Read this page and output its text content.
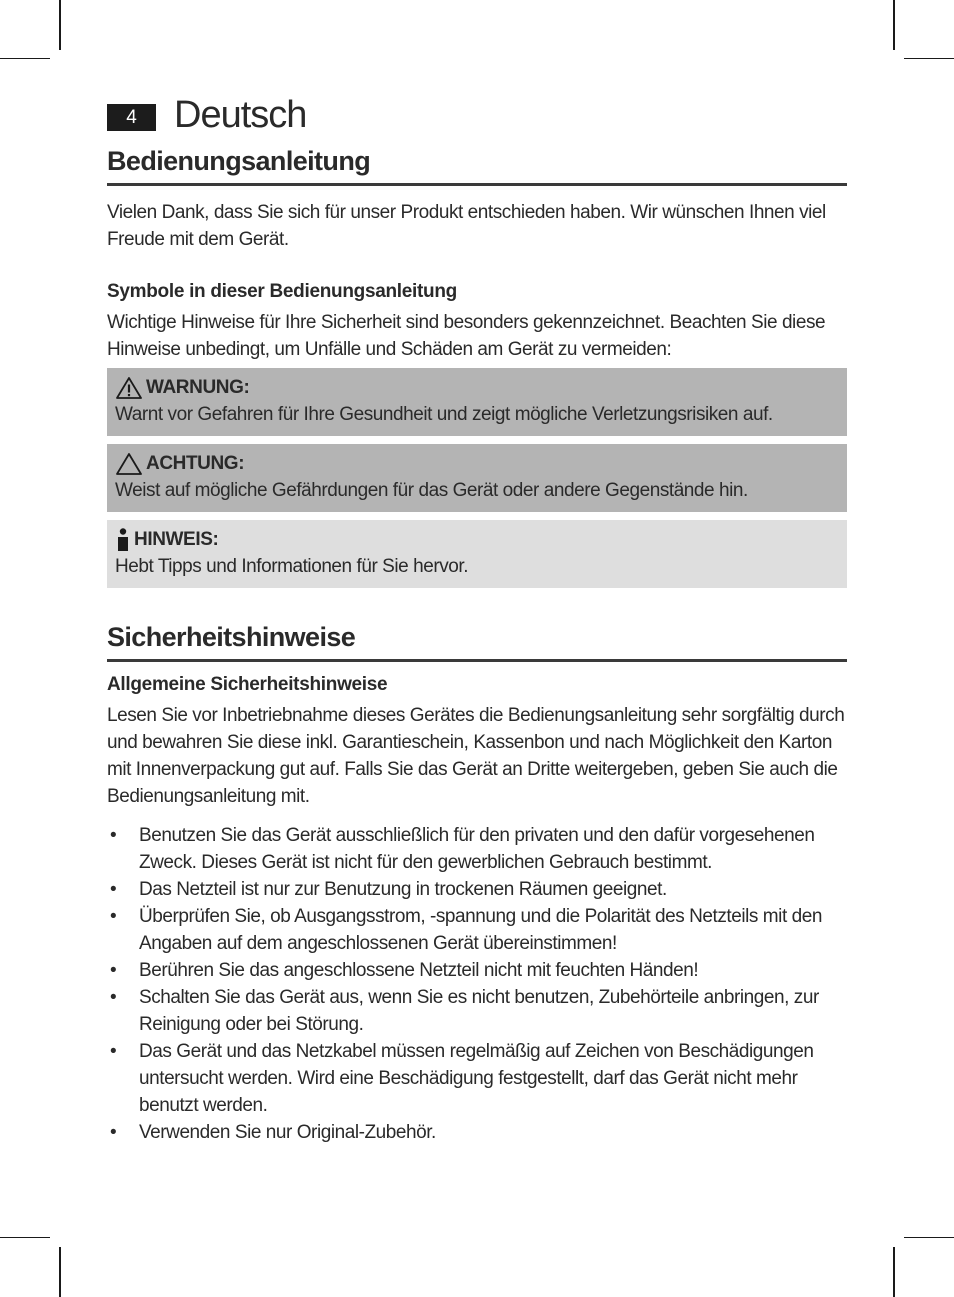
4 Deutsch
Bedienungsanleitung

Vielen Dank, dass Sie sich für unser Produkt entschieden haben. Wir wünschen Ihnen viel Freude mit dem Gerät.

Symbole in dieser Bedienungsanleitung

Wichtige Hinweise für Ihre Sicherheit sind besonders gekennzeichnet. Beachten Sie diese Hinweise unbedingt, um Unfälle und Schäden am Gerät zu vermeiden:

WARNUNG:
Warnt vor Gefahren für Ihre Gesundheit und zeigt mögliche Verletzungsrisiken auf.
ACHTUNG:
Weist auf mögliche Gefährdungen für das Gerät oder andere Gegenstände hin.
HINWEIS:
Hebt Tipps und Informationen für Sie hervor.
Sicherheitshinweise
Allgemeine Sicherheitshinweise

Lesen Sie vor Inbetriebnahme dieses Gerätes die Bedienungsanleitung sehr sorgfältig durch und bewahren Sie diese inkl. Garantieschein, Kassenbon und nach Möglichkeit den Karton mit Innenverpackung gut auf. Falls Sie das Gerät an Dritte weitergeben, geben Sie auch die Bedienungsanleitung mit.

• Benutzen Sie das Gerät ausschließlich für den privaten und den dafür vorgesehenen Zweck. Dieses Gerät ist nicht für den gewerblichen Gebrauch bestimmt.
• Das Netzteil ist nur zur Benutzung in trockenen Räumen geeignet.
• Überprüfen Sie, ob Ausgangsstrom, -spannung und die Polarität des Netzteils mit den Angaben auf dem angeschlossenen Gerät übereinstimmen!
• Berühren Sie das angeschlossene Netzteil nicht mit feuchten Händen!
• Schalten Sie das Gerät aus, wenn Sie es nicht benutzen, Zubehörteile anbringen, zur Reinigung oder bei Störung.
• Das Gerät und das Netzkabel müssen regelmäßig auf Zeichen von Beschädigungen untersucht werden. Wird eine Beschädigung festgestellt, darf das Gerät nicht mehr benutzt werden.
• Verwenden Sie nur Original-Zubehör.
